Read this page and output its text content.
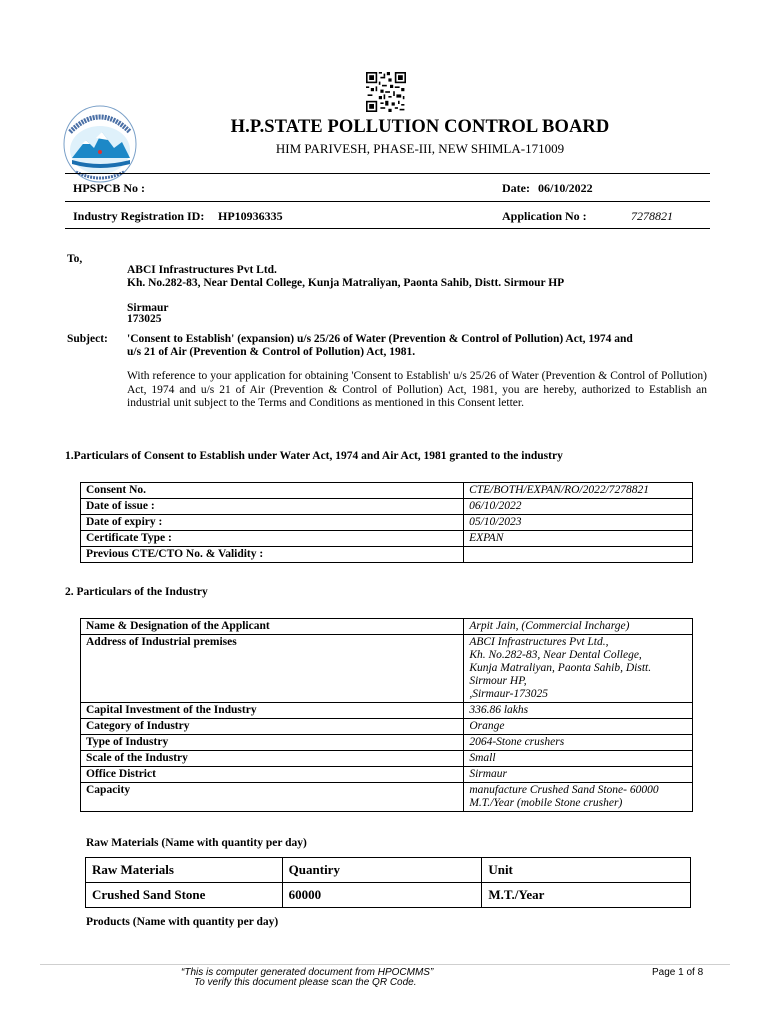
H.P.STATE POLLUTION CONTROL BOARD
HIM PARIVESH, PHASE-III, NEW SHIMLA-171009
HPSPCB No :	Date: 06/10/2022
Industry Registration ID: HP10936335	Application No :	7278821
To,
ABCI Infrastructures Pvt Ltd.
Kh. No.282-83, Near Dental College, Kunja Matraliyan, Paonta Sahib, Distt. Sirmour HP
Sirmaur
173025
Subject: 'Consent to Establish' (expansion) u/s 25/26 of Water (Prevention & Control of Pollution) Act, 1974 and
u/s 21 of Air (Prevention & Control of Pollution) Act, 1981.
With reference to your application for obtaining 'Consent to Establish' u/s 25/26 of Water (Prevention & Control of Pollution) Act, 1974 and u/s 21 of Air (Prevention & Control of Pollution) Act, 1981, you are hereby, authorized to Establish an industrial unit subject to the Terms and Conditions as mentioned in this Consent letter.
1.Particulars of Consent to Establish under Water Act, 1974 and Air Act, 1981 granted to the industry
Consent No.	CTE/BOTH/EXPAN/RO/2022/7278821
Date of issue :	06/10/2022
Date of expiry :	05/10/2023
Certificate Type :	EXPAN
Previous CTE/CTO No. & Validity :	
2. Particulars of the Industry
Name & Designation of the Applicant	Arpit Jain, (Commercial Incharge)
Address of Industrial premises	ABCI Infrastructures Pvt Ltd.,
Kh. No.282-83, Near Dental College,
Kunja Matraliyan, Paonta Sahib, Distt.
Sirmour HP,
,Sirmaur-173025
Capital Investment of the Industry	336.86 lakhs
Category of Industry	Orange
Type of Industry	2064-Stone crushers
Scale of the Industry	Small
Office District	Sirmaur
Capacity	manufacture Crushed Sand Stone- 60000
M.T./Year (mobile Stone crusher)
Raw Materials (Name with quantity per day)
Raw Materials	Quantiry	Unit
Crushed Sand Stone	60000	M.T./Year
Products (Name with quantity per day)
“This is computer generated document from HPOCMMS”
To verify this document please scan the QR Code.
Page 1 of 8
